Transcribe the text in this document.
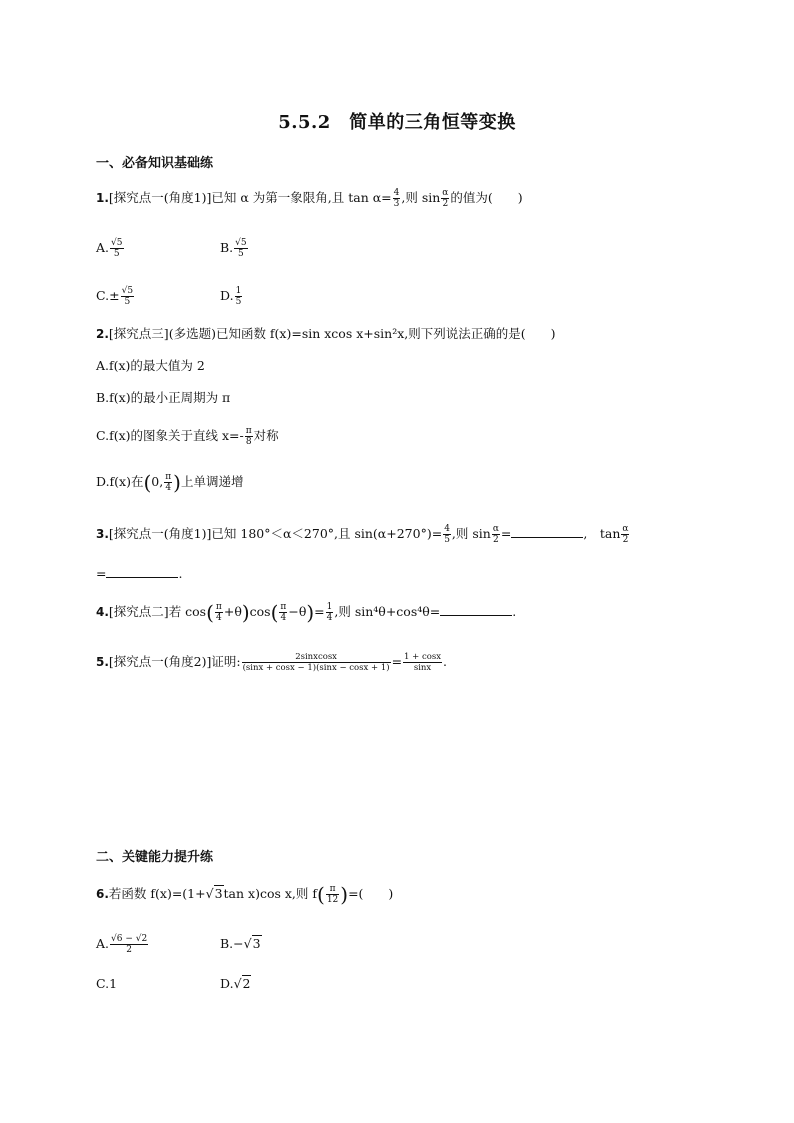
5.5.2　简单的三角恒等变换
一、必备知识基础练
1.[探究点一(角度1)]已知 α 为第一象限角,且 $\tan \alpha= \frac{4}{3}$ ,则 $\sin \frac{\alpha}{2}$ 的值为(　　)
A. $\frac{√5}{5}$	B. $\frac{√5}{5}$
$C.\pm \frac{√5}{5}$	D. $\frac{1}{5}$
2.[探究点三](多选题)已知函数 f(x)=sin xcos x+sin²x,则下列说法正确的是(　　)
A.f(x)的最大值为 2
B.f(x)的最小正周期为 π
C.f(x)的图象关于直线 $x=- \frac{\pi}{8}$ 对称
D.f(x)在(0, $\frac{\pi}{4}$ )上单调递增
3.[探究点一(角度1)]已知 180°＜α＜270°,且 $\sin(\alpha+270^\circ)= \frac{4}{5}$ ,则 $\sin \frac{\alpha}{2}$ =	,　$\tan \frac{\alpha}{2}$
=	.
4.[探究点二]若 $\cos( \frac{\pi}{4} +\theta)\cos( \frac{\pi}{4} -\theta)= \frac{1}{4}$ ,则 sin⁴θ+cos⁴θ=	.
5.[探究点一(角度2)]证明: $\frac{\text{2sinxcosx}}{(\sin x + \cos x - 1)(\sin x - \cos x + 1)} = \frac{1 + \cos x}{\sin x}$ .
二、关键能力提升练
6.若函数 f(x)=(1+√3tan x)cos x,则 $f( \frac{\pi}{12}$ )=(　　)
A. $\frac{√6 - √2}{2}$	B.−√3
C.1	D.√2
